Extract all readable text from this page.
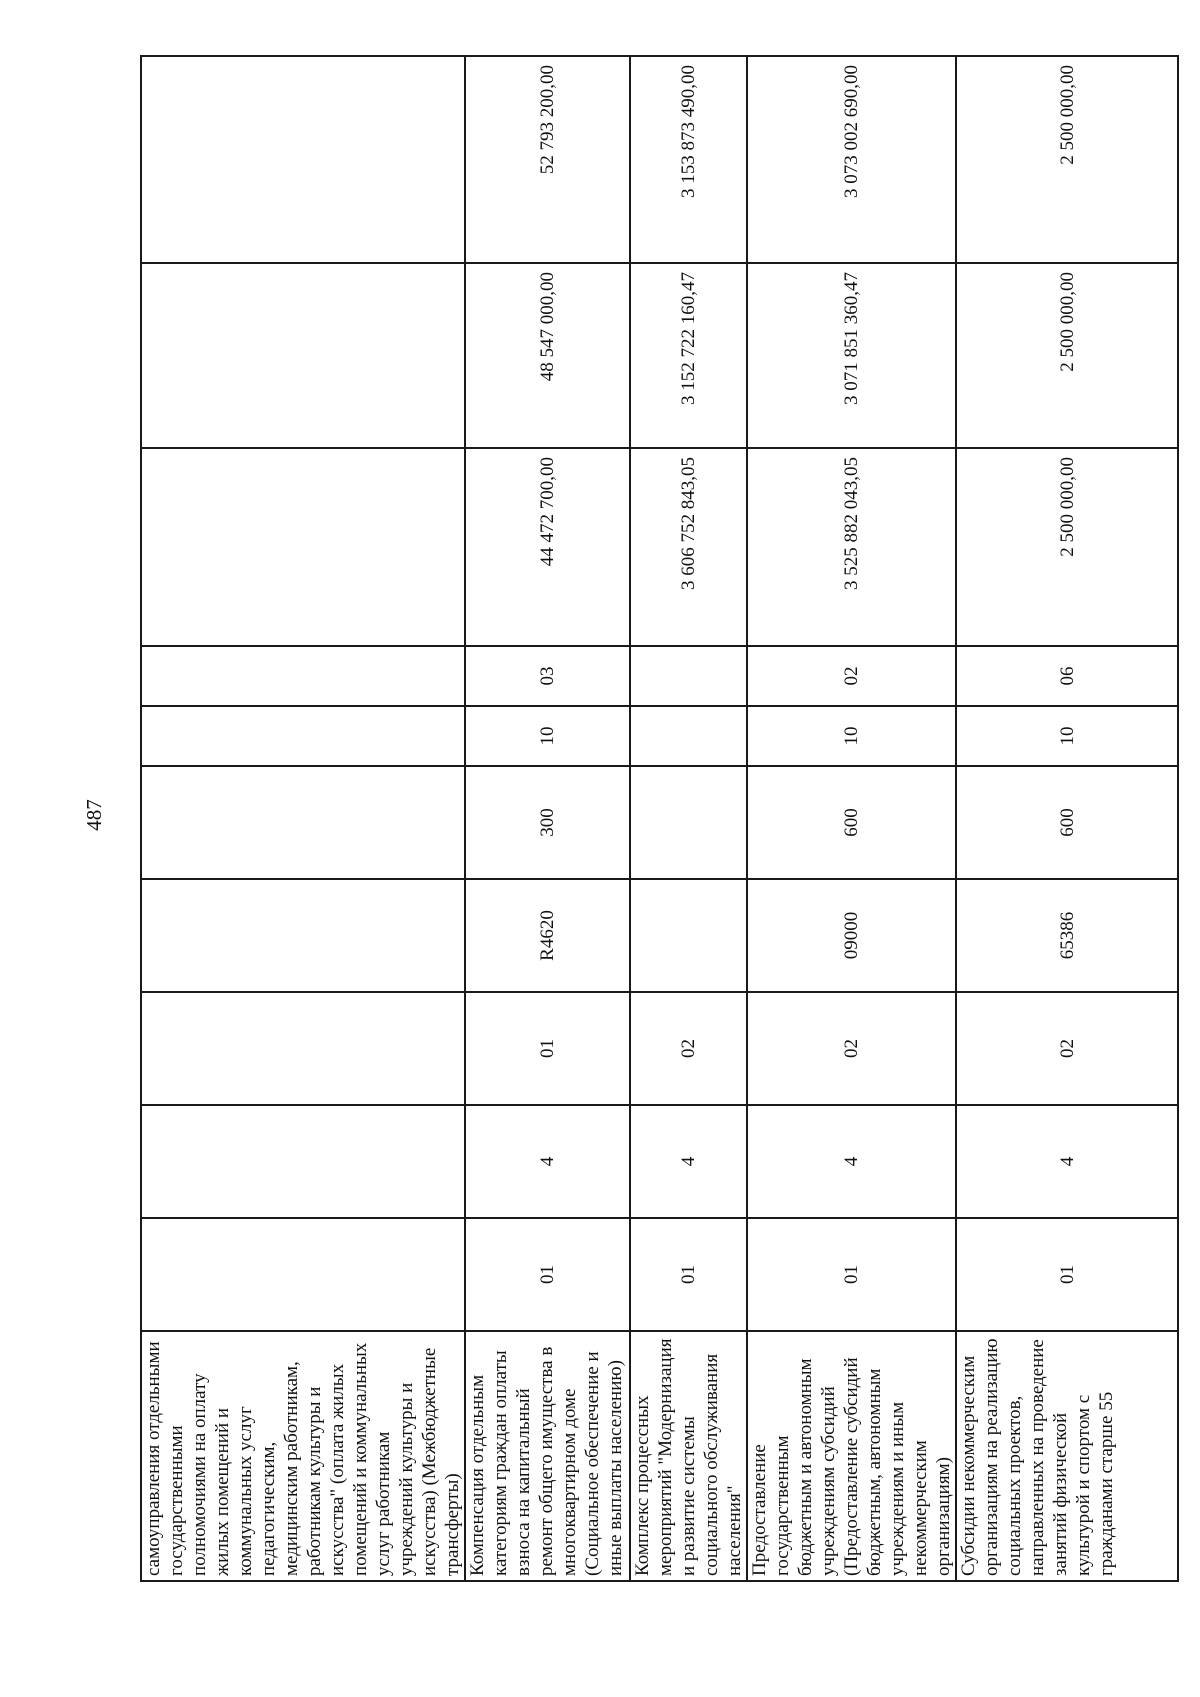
487
самоуправления отдельными государственными полномочиями на оплату жилых помещений и коммунальных услуг педагогическим, медицинским работникам, работникам культуры и искусства" (оплата жилых помещений и коммунальных услуг работникам учреждений культуры и искусства) (Межбюджетные трансферты)										
Компенсация отдельным категориям граждан оплаты взноса на капитальный ремонт общего имущества в многоквартирном доме (Социальное обеспечение и иные выплаты населению)	01	4	01	R4620	300	10	03	44 472 700,00	48 547 000,00	52 793 200,00
Комплекс процессных мероприятий "Модернизация и развитие системы социального обслуживания населения"	01	4	02					3 606 752 843,05	3 152 722 160,47	3 153 873 490,00
Предоставление государственным бюджетным и автономным учреждениям субсидий (Предоставление субсидий бюджетным, автономным учреждениям и иным некоммерческим организациям)	01	4	02	09000	600	10	02	3 525 882 043,05	3 071 851 360,47	3 073 002 690,00
Субсидии некоммерческим организациям на реализацию социальных проектов, направленных на проведение занятий физической культурой и спортом с гражданами старше 55	01	4	02	65386	600	10	06	2 500 000,00	2 500 000,00	2 500 000,00
